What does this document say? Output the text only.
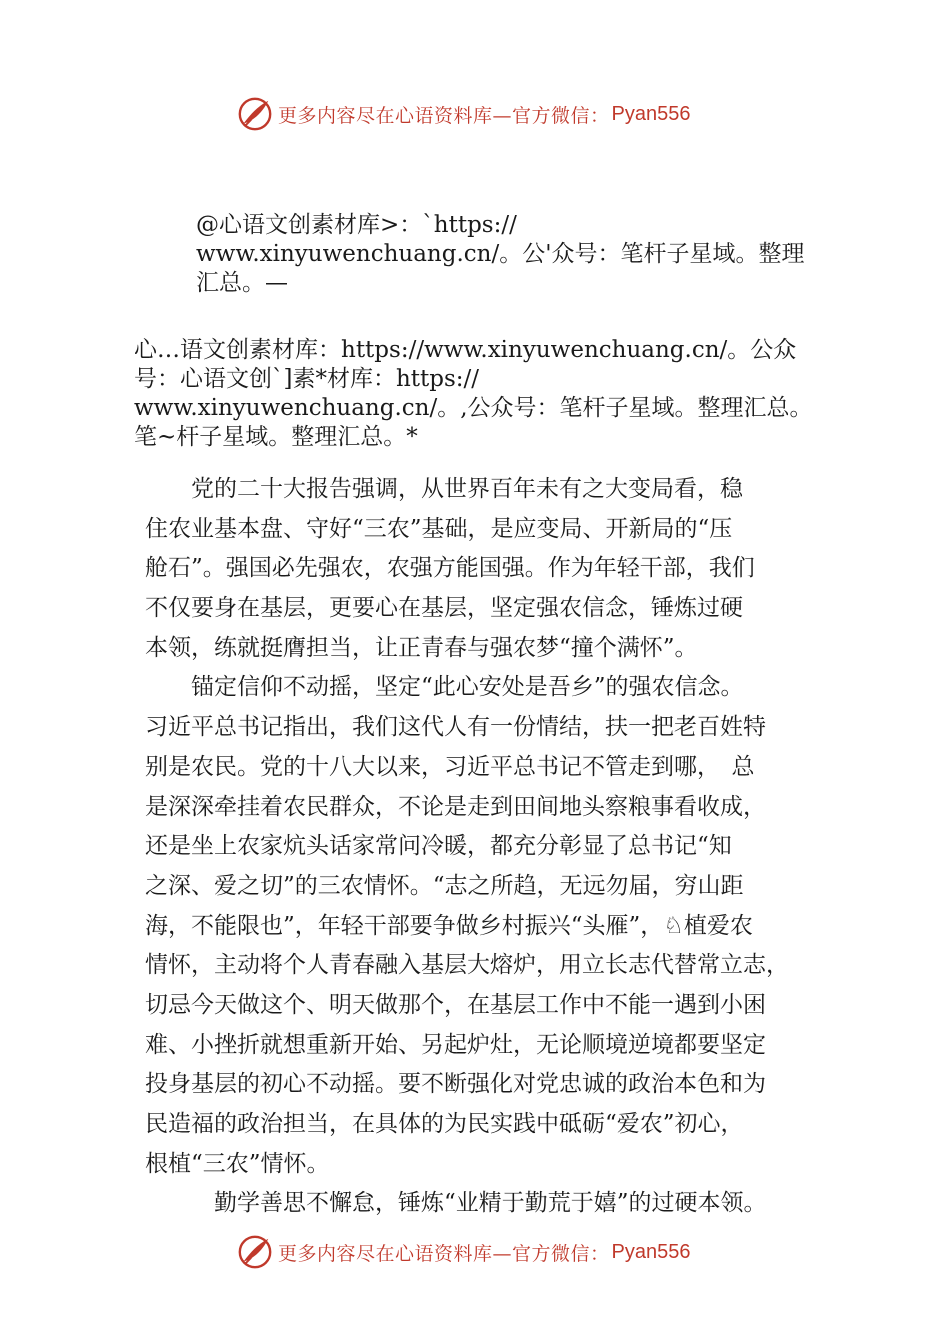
更多内容尽在心语资料库—官方微信： Pyan556
@心语文创素材库>：`https://
www.xinyuwenchuang.cn/。公'众号：笔杆子星域。整理
汇总。—
心…语文创素材库：https://www.xinyuwenchuang.cn/。公众
号：心语文创`]素*材库：https://
www.xinyuwenchuang.cn/。,公众号：笔杆子星域。整理汇总。
笔~杆子星域。整理汇总。*
　　党的二十大报告强调，从世界百年未有之大变局看，稳
住农业基本盘、守好“三农”基础，是应变局、开新局的“压
舱石”。强国必先强农，农强方能国强。作为年轻干部，我们
不仅要身在基层，更要心在基层，坚定强农信念，锤炼过硬
本领，练就挺膺担当，让正青春与强农梦“撞个满怀”。
　　锚定信仰不动摇，坚定“此心安处是吾乡”的强农信念。
习近平总书记指出，我们这代人有一份情结，扶一把老百姓特
别是农民。党的十八大以来，习近平总书记不管走到哪，　总
是深深牵挂着农民群众，不论是走到田间地头察粮事看收成，
还是坐上农家炕头话家常问冷暖，都充分彰显了总书记“知
之深、爱之切”的三农情怀。“志之所趋，无远勿届，穷山距
海，不能限也”，年轻干部要争做乡村振兴“头雁”，♘植爱农
情怀，主动将个人青春融入基层大熔炉，用立长志代替常立志，
切忌今天做这个、明天做那个，在基层工作中不能一遇到小困
难、小挫折就想重新开始、另起炉灶，无论顺境逆境都要坚定
投身基层的初心不动摇。要不断强化对党忠诚的政治本色和为
民造福的政治担当，在具体的为民实践中砥砺“爱农”初心，
根植“三农”情怀。
　　　勤学善思不懈怠，锤炼“业精于勤荒于嬉”的过硬本领。
更多内容尽在心语资料库—官方微信： Pyan556
